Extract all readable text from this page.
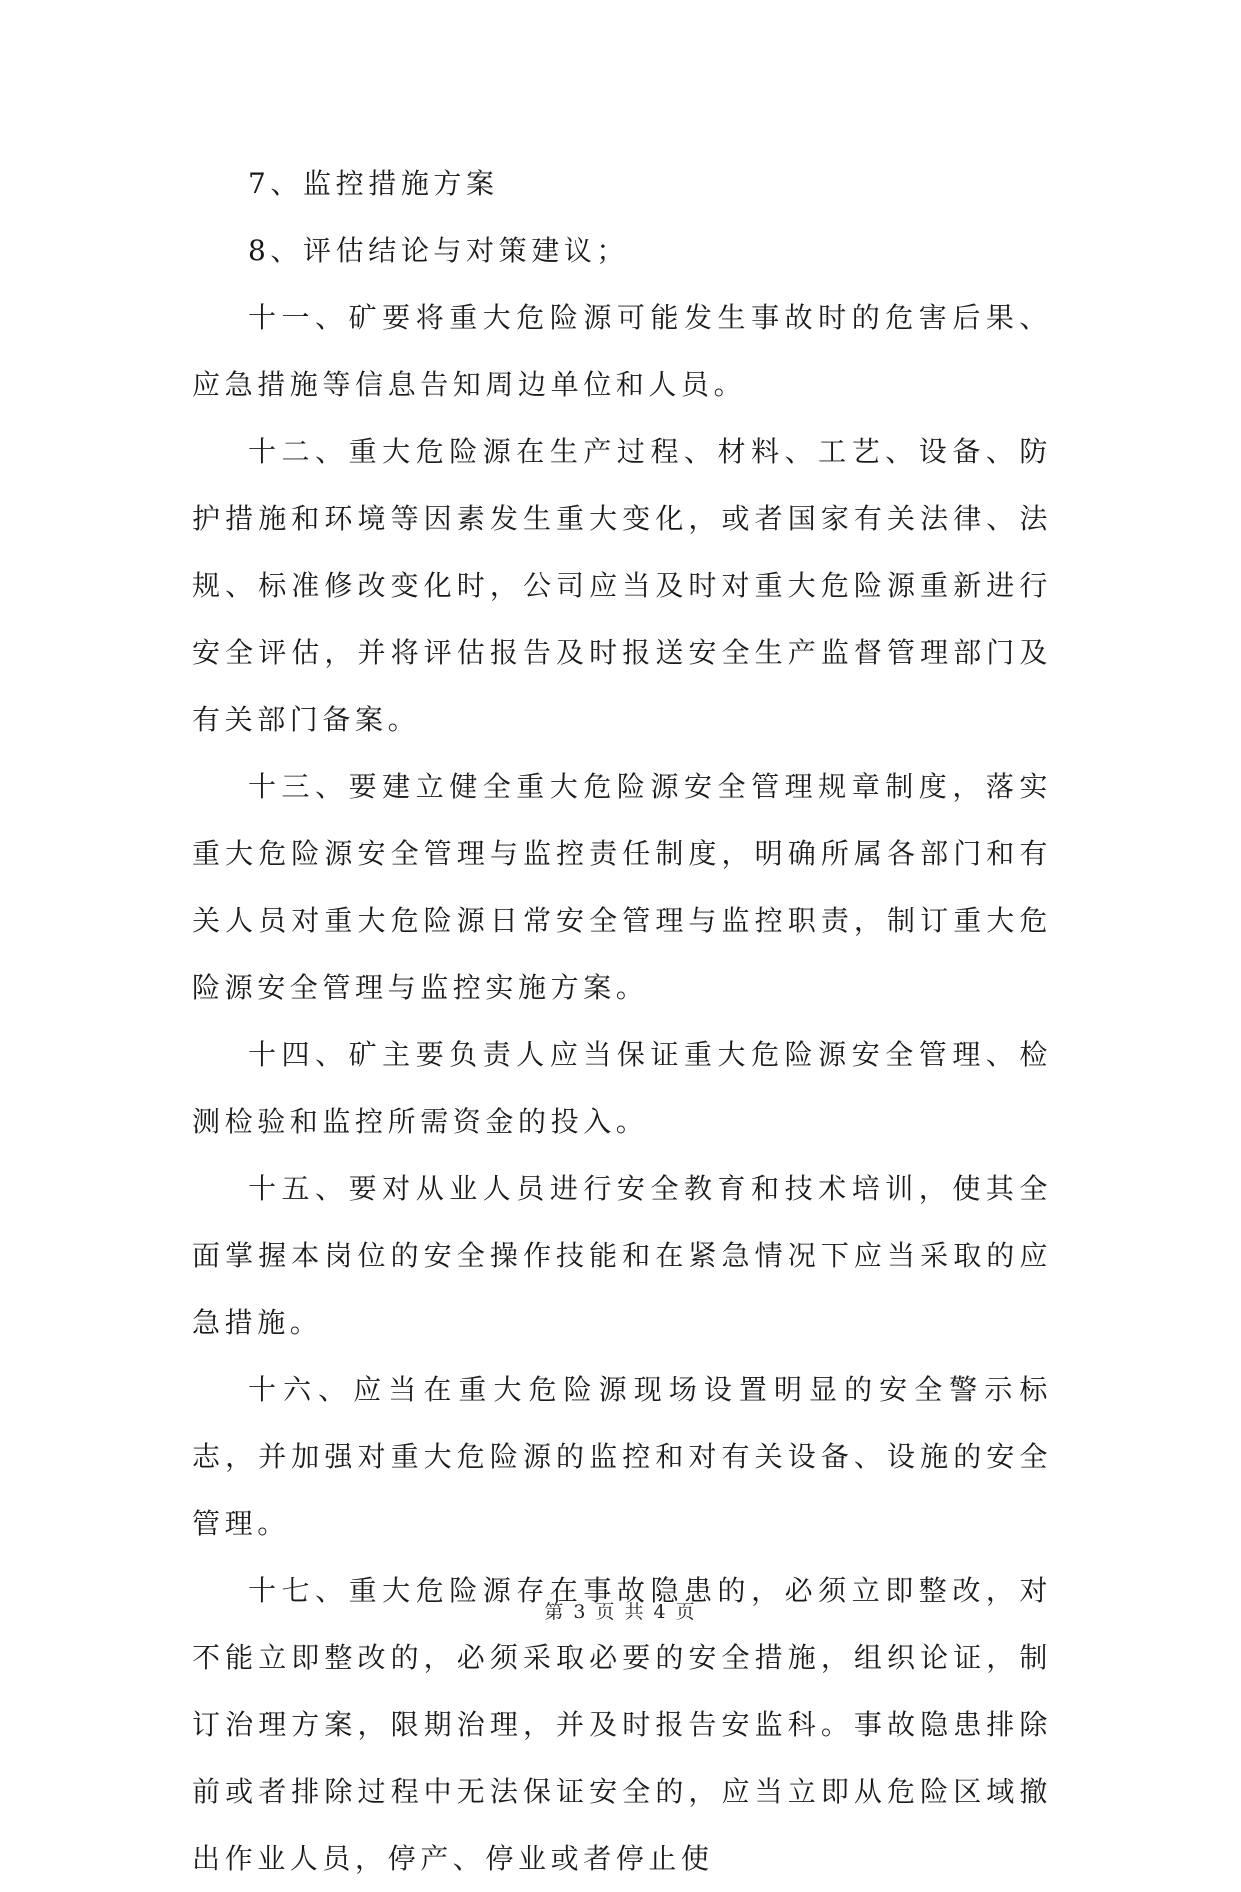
7、监控措施方案

8、评估结论与对策建议；

十一、矿要将重大危险源可能发生事故时的危害后果、应急措施等信息告知周边单位和人员。

十二、重大危险源在生产过程、材料、工艺、设备、防护措施和环境等因素发生重大变化，或者国家有关法律、法规、标准修改变化时，公司应当及时对重大危险源重新进行安全评估，并将评估报告及时报送安全生产监督管理部门及有关部门备案。

十三、要建立健全重大危险源安全管理规章制度，落实重大危险源安全管理与监控责任制度，明确所属各部门和有关人员对重大危险源日常安全管理与监控职责，制订重大危险源安全管理与监控实施方案。

十四、矿主要负责人应当保证重大危险源安全管理、检测检验和监控所需资金的投入。

十五、要对从业人员进行安全教育和技术培训，使其全面掌握本岗位的安全操作技能和在紧急情况下应当采取的应急措施。

十六、应当在重大危险源现场设置明显的安全警示标志，并加强对重大危险源的监控和对有关设备、设施的安全管理。

十七、重大危险源存在事故隐患的，必须立即整改，对不能立即整改的，必须采取必要的安全措施，组织论证，制订治理方案，限期治理，并及时报告安监科。事故隐患排除前或者排除过程中无法保证安全的，应当立即从危险区域撤出作业人员，停产、停业或者停止使

第 3 页 共 4 页
